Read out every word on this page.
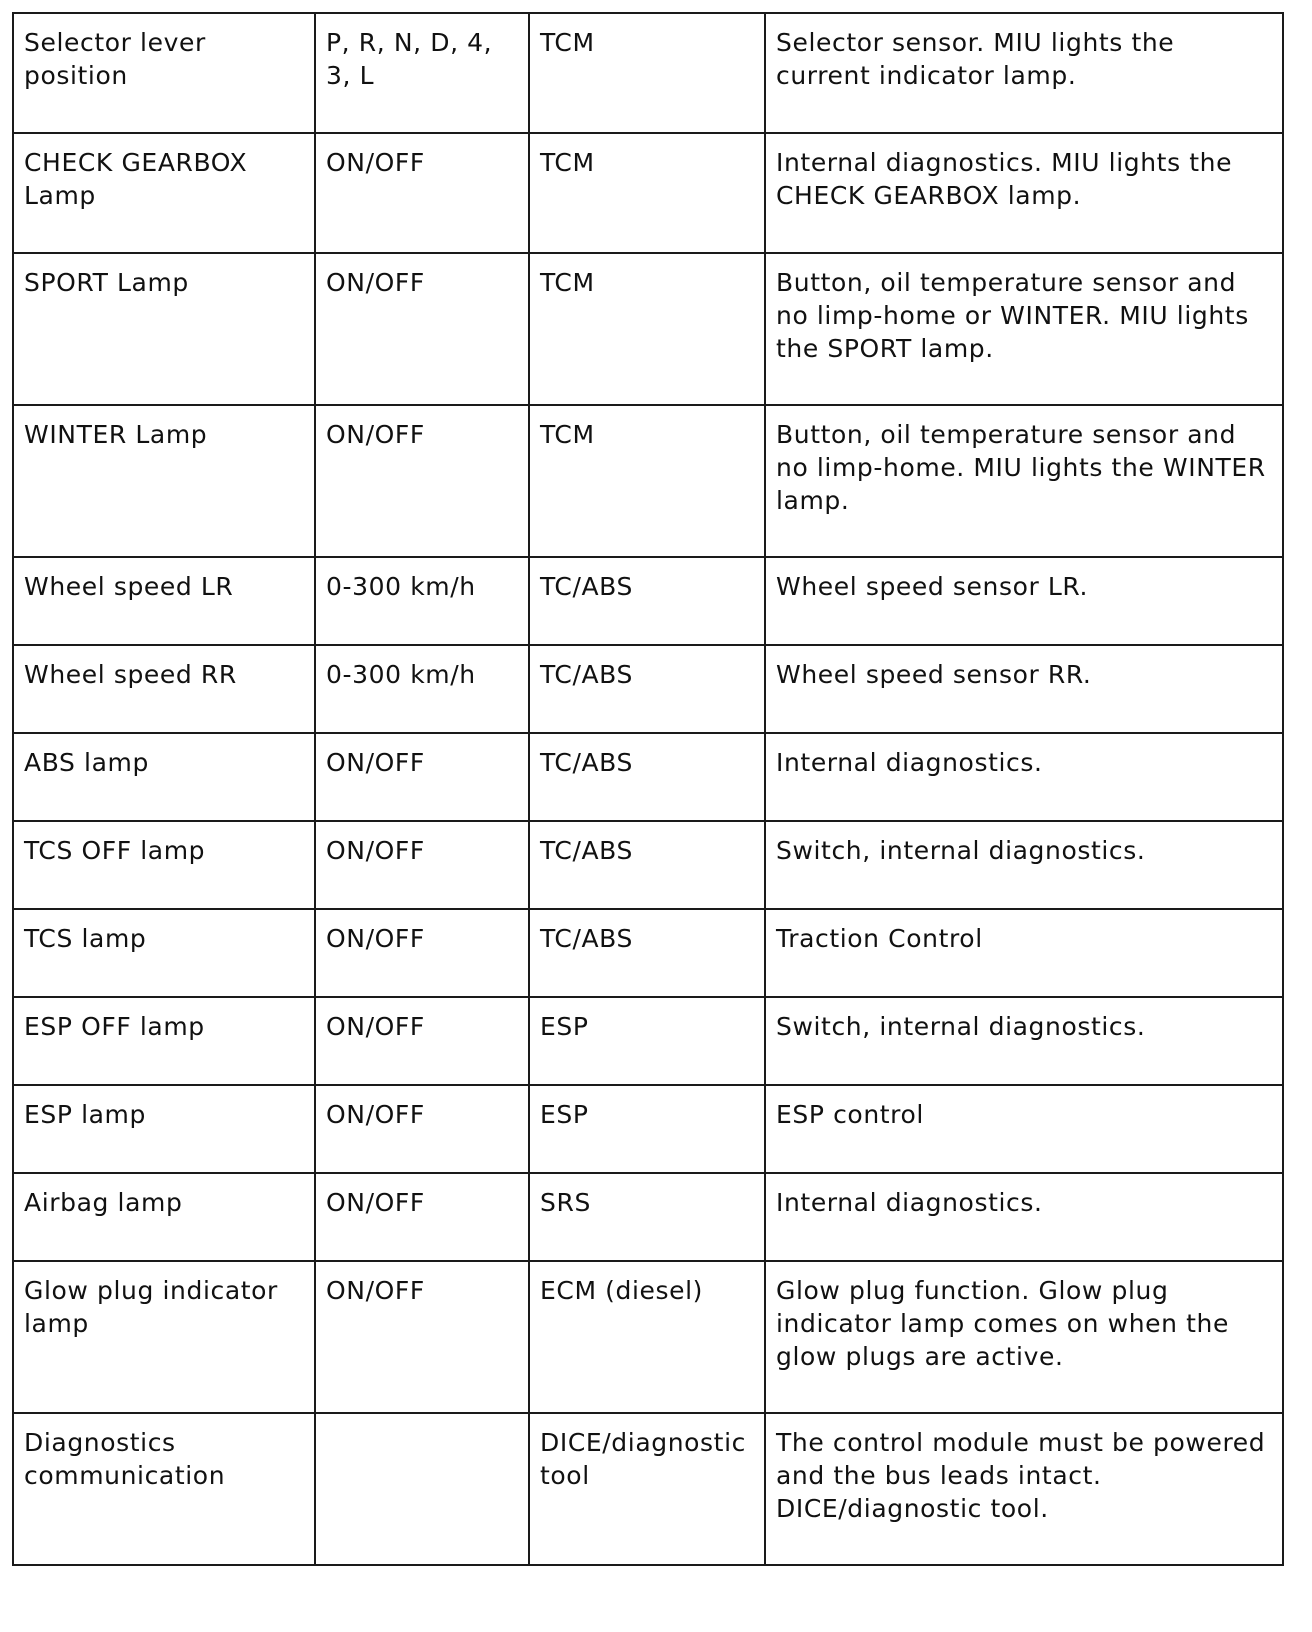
Selector lever position	P, R, N, D, 4, 3, L	TCM	Selector sensor. MIU lights the current indicator lamp.
CHECK GEARBOX Lamp	ON/OFF	TCM	Internal diagnostics. MIU lights the CHECK GEARBOX lamp.
SPORT Lamp	ON/OFF	TCM	Button, oil temperature sensor and no limp-home or WINTER. MIU lights the SPORT lamp.
WINTER Lamp	ON/OFF	TCM	Button, oil temperature sensor and no limp-home. MIU lights the WINTER lamp.
Wheel speed LR	0-300 km/h	TC/ABS	Wheel speed sensor LR.
Wheel speed RR	0-300 km/h	TC/ABS	Wheel speed sensor RR.
ABS lamp	ON/OFF	TC/ABS	Internal diagnostics.
TCS OFF lamp	ON/OFF	TC/ABS	Switch, internal diagnostics.
TCS lamp	ON/OFF	TC/ABS	Traction Control
ESP OFF lamp	ON/OFF	ESP	Switch, internal diagnostics.
ESP lamp	ON/OFF	ESP	ESP control
Airbag lamp	ON/OFF	SRS	Internal diagnostics.
Glow plug indicator lamp	ON/OFF	ECM (diesel)	Glow plug function. Glow plug indicator lamp comes on when the glow plugs are active.
Diagnostics communication		DICE/diagnostic tool	The control module must be powered and the bus leads intact. DICE/diagnostic tool.
